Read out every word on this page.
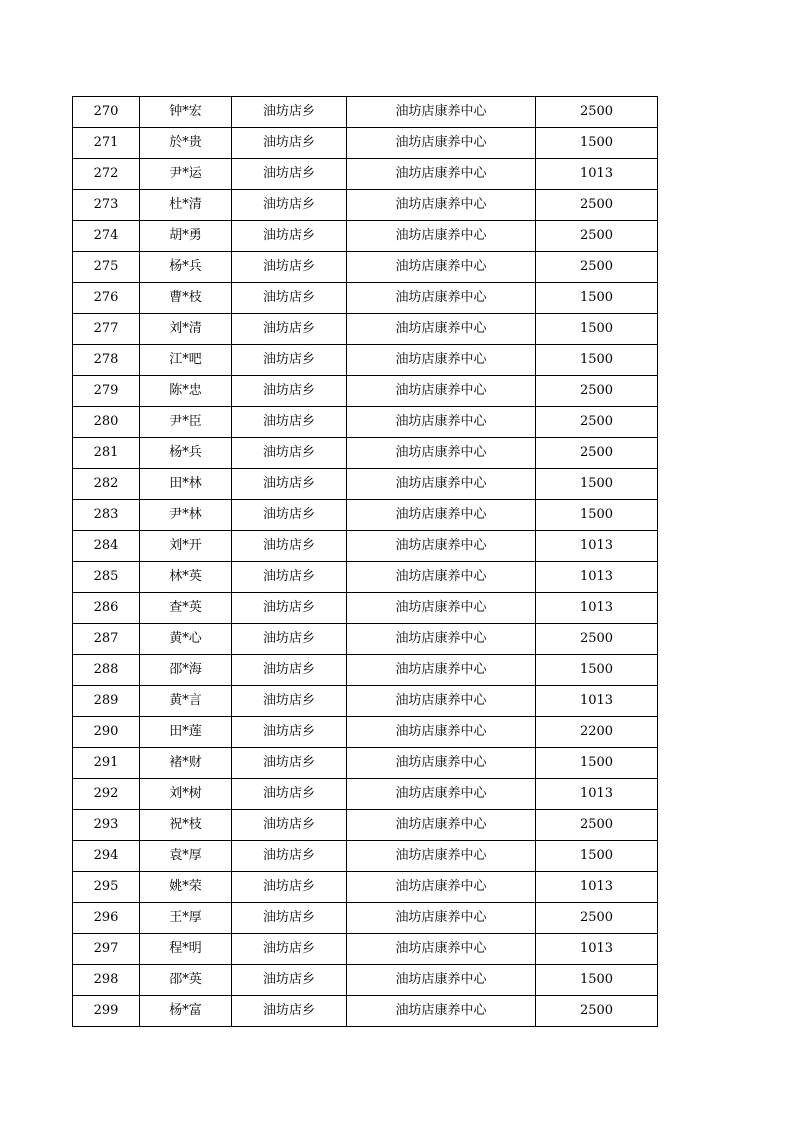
270	钟*宏	油坊店乡	油坊店康养中心	2500
271	於*贵	油坊店乡	油坊店康养中心	1500
272	尹*运	油坊店乡	油坊店康养中心	1013
273	杜*清	油坊店乡	油坊店康养中心	2500
274	胡*勇	油坊店乡	油坊店康养中心	2500
275	杨*兵	油坊店乡	油坊店康养中心	2500
276	曹*枝	油坊店乡	油坊店康养中心	1500
277	刘*清	油坊店乡	油坊店康养中心	1500
278	江*吧	油坊店乡	油坊店康养中心	1500
279	陈*忠	油坊店乡	油坊店康养中心	2500
280	尹*臣	油坊店乡	油坊店康养中心	2500
281	杨*兵	油坊店乡	油坊店康养中心	2500
282	田*林	油坊店乡	油坊店康养中心	1500
283	尹*林	油坊店乡	油坊店康养中心	1500
284	刘*开	油坊店乡	油坊店康养中心	1013
285	林*英	油坊店乡	油坊店康养中心	1013
286	查*英	油坊店乡	油坊店康养中心	1013
287	黄*心	油坊店乡	油坊店康养中心	2500
288	邵*海	油坊店乡	油坊店康养中心	1500
289	黄*言	油坊店乡	油坊店康养中心	1013
290	田*莲	油坊店乡	油坊店康养中心	2200
291	褚*财	油坊店乡	油坊店康养中心	1500
292	刘*树	油坊店乡	油坊店康养中心	1013
293	祝*枝	油坊店乡	油坊店康养中心	2500
294	袁*厚	油坊店乡	油坊店康养中心	1500
295	姚*荣	油坊店乡	油坊店康养中心	1013
296	王*厚	油坊店乡	油坊店康养中心	2500
297	程*明	油坊店乡	油坊店康养中心	1013
298	邵*英	油坊店乡	油坊店康养中心	1500
299	杨*富	油坊店乡	油坊店康养中心	2500
